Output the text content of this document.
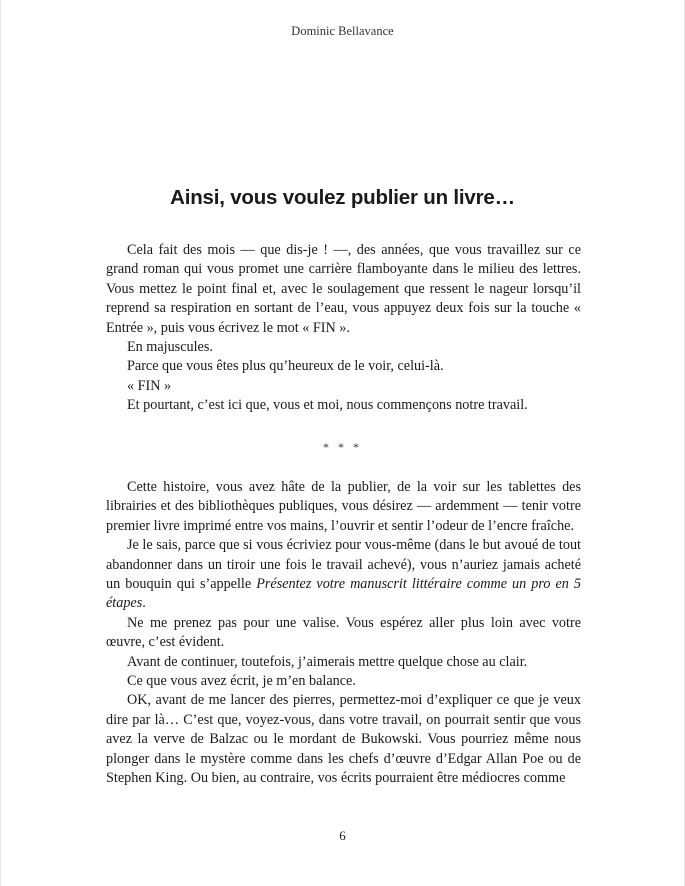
Dominic Bellavance
Ainsi, vous voulez publier un livre…

Cela fait des mois — que dis-je ! —, des années, que vous travaillez sur ce grand roman qui vous promet une carrière flamboyante dans le milieu des lettres. Vous mettez le point final et, avec le soulagement que ressent le nageur lorsqu’il reprend sa respiration en sortant de l’eau, vous appuyez deux fois sur la touche « Entrée », puis vous écrivez le mot « FIN ».

En majuscules.

Parce que vous êtes plus qu’heureux de le voir, celui-là.

« FIN »

Et pourtant, c’est ici que, vous et moi, nous commençons notre travail.

* * *

Cette histoire, vous avez hâte de la publier, de la voir sur les tablettes des librairies et des bibliothèques publiques, vous désirez — ardemment — tenir votre premier livre imprimé entre vos mains, l’ouvrir et sentir l’odeur de l’encre fraîche.

Je le sais, parce que si vous écriviez pour vous-même (dans le but avoué de tout abandonner dans un tiroir une fois le travail achevé), vous n’auriez jamais acheté un bouquin qui s’appelle Présentez votre manuscrit littéraire comme un pro en 5 étapes.

Ne me prenez pas pour une valise. Vous espérez aller plus loin avec votre œuvre, c’est évident.

Avant de continuer, toutefois, j’aimerais mettre quelque chose au clair.

Ce que vous avez écrit, je m’en balance.

OK, avant de me lancer des pierres, permettez-moi d’expliquer ce que je veux dire par là… C’est que, voyez-vous, dans votre travail, on pourrait sentir que vous avez la verve de Balzac ou le mordant de Bukowski. Vous pourriez même nous plonger dans le mystère comme dans les chefs d’œuvre d’Edgar Allan Poe ou de Stephen King. Ou bien, au contraire, vos écrits pourraient être médiocres comme

6
